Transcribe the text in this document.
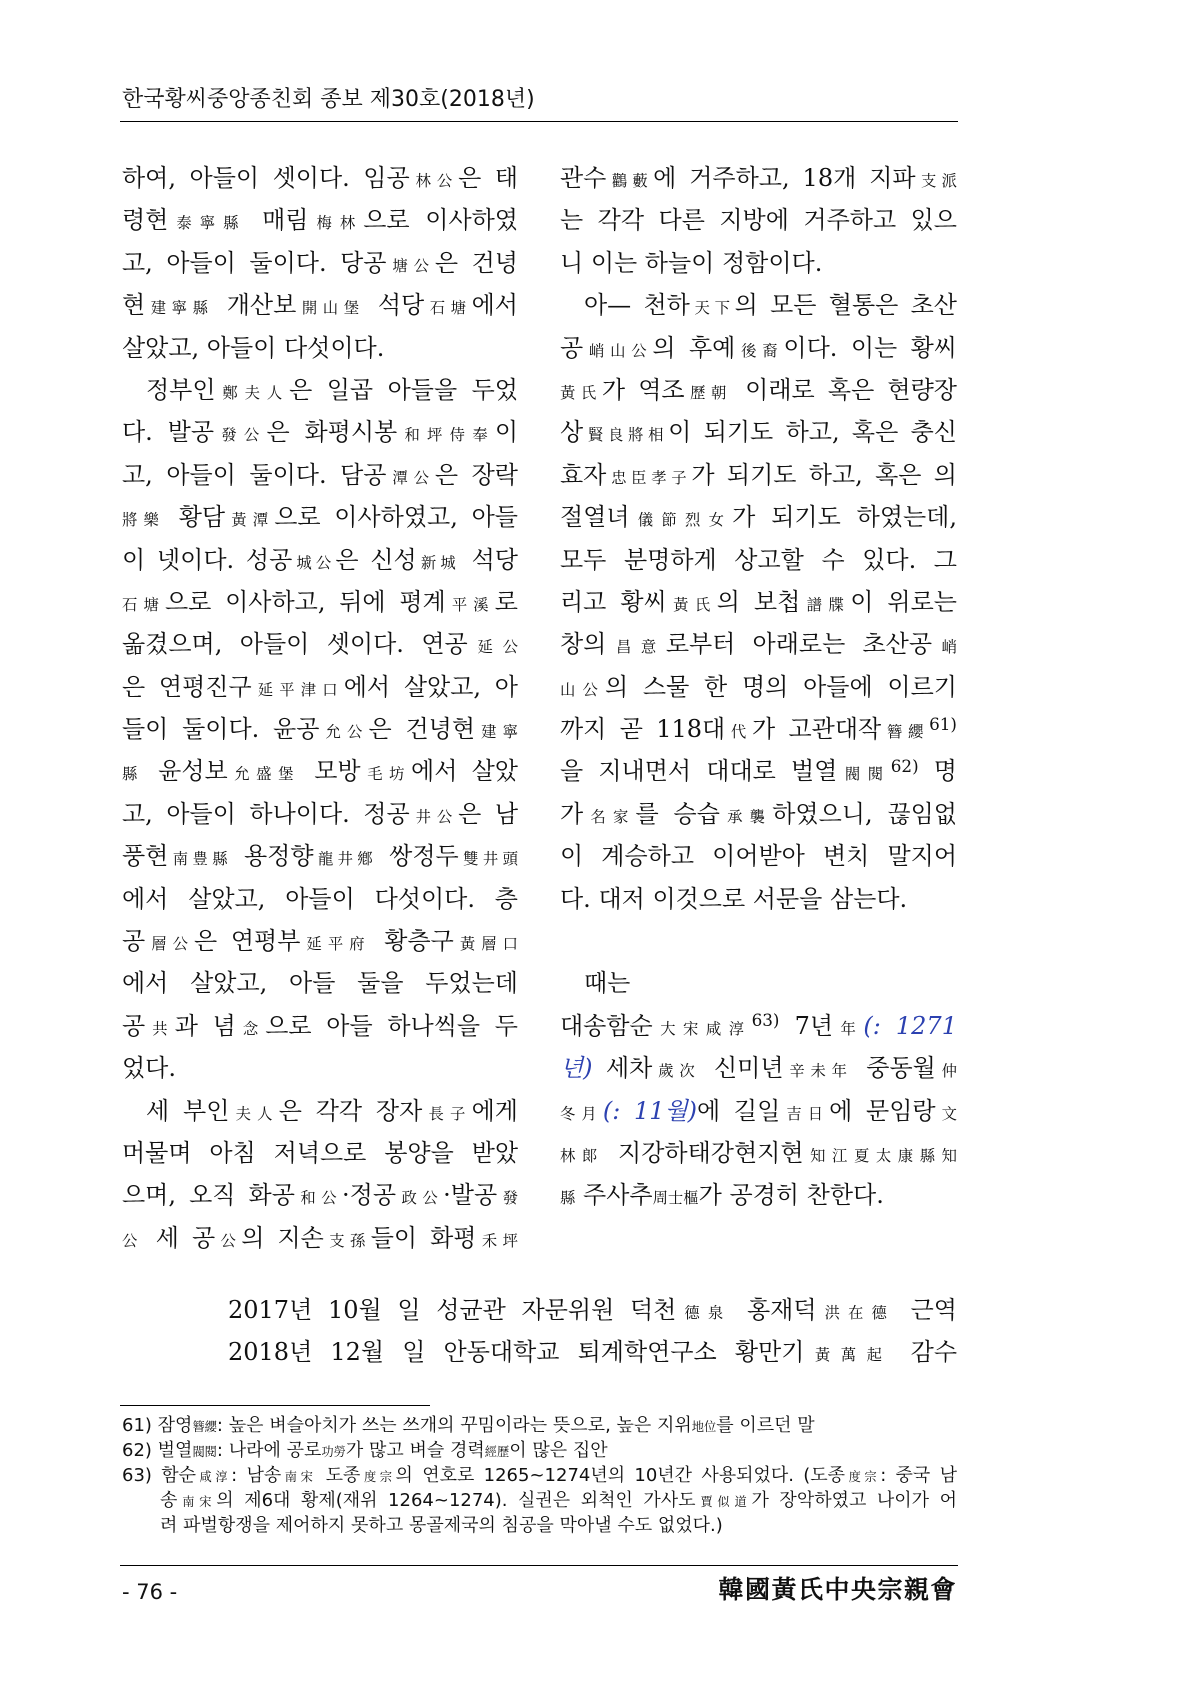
한국황씨중앙종친회 종보 제30호(2018년)
하여, 아들이 셋이다. 임공林公은 태
령현泰寧縣 매림梅林으로 이사하였
고, 아들이 둘이다. 당공塘公은 건녕
현建寧縣 개산보開山堡 석당石塘에서
살았고, 아들이 다섯이다.
정부인鄭夫人은 일곱 아들을 두었
다. 발공發公은 화평시봉和坪侍奉이
고, 아들이 둘이다. 담공潭公은 장락
將樂 황담黃潭으로 이사하였고, 아들
이 넷이다. 성공城公은 신성新城 석당
石塘으로 이사하고, 뒤에 평계平溪로
옮겼으며, 아들이 셋이다. 연공延公
은 연평진구延平津口에서 살았고, 아
들이 둘이다. 윤공允公은 건녕현建寧
縣 윤성보允盛堡 모방毛坊에서 살았
고, 아들이 하나이다. 정공井公은 남
풍현南豊縣 용정향龍井鄕 쌍정두雙井頭
에서 살았고, 아들이 다섯이다. 층
공層公은 연평부延平府 황층구黃層口
에서 살았고, 아들 둘을 두었는데
공共과 념念으로 아들 하나씩을 두
었다.
세 부인夫人은 각각 장자長子에게
머물며 아침 저녁으로 봉양을 받았
으며, 오직 화공和公·정공政公·발공發
公 세 공公의 지손支孫들이 화평禾坪
관수鸛藪에 거주하고, 18개 지파支派
는 각각 다른 지방에 거주하고 있으
니 이는 하늘이 정함이다.
아— 천하天下의 모든 혈통은 초산
공峭山公의 후예後裔이다. 이는 황씨
黃氏가 역조歷朝 이래로 혹은 현량장
상賢良將相이 되기도 하고, 혹은 충신
효자忠臣孝子가 되기도 하고, 혹은 의
절열녀儀節烈女가 되기도 하였는데,
모두 분명하게 상고할 수 있다. 그
리고 황씨黃氏의 보첩譜牒이 위로는
창의昌意로부터 아래로는 초산공峭
山公의 스물 한 명의 아들에 이르기
까지 곧 118대代가 고관대작簪纓$^{61)}$
을 지내면서 대대로 벌열閥閱$^{62)}$ 명
가名家를 승습承襲하였으니, 끊임없
이 계승하고 이어받아 변치 말지어
다. 대저 이것으로 서문을 삼는다.
때는
대송함순大宋咸淳$^{63)}$ 7년年(: 1271
년) 세차歲次 신미년辛未年 중동월仲
冬月(: 11월)에 길일吉日에 문임랑文
林郞 지강하태강현지현知江夏太康縣知
縣 주사추周士樞가 공경히 찬한다.
2017년 10월 일 성균관 자문위원 덕천德泉 홍재덕洪在德 근역
2018년 12월 일 안동대학교 퇴계학연구소 황만기黃萬起 감수
61) 잠영簪纓: 높은 벼슬아치가 쓰는 쓰개의 꾸밈이라는 뜻으로, 높은 지위地位를 이르던 말
62) 벌열閥閱: 나라에 공로功勞가 많고 벼슬 경력經歷이 많은 집안
63) 함순咸淳: 남송南宋 도종度宗의 연호로 1265~1274년의 10년간 사용되었다. (도종度宗: 중국 남
송南宋의 제6대 황제(재위 1264~1274). 실권은 외척인 가사도賈似道가 장악하였고 나이가 어
려 파벌항쟁을 제어하지 못하고 몽골제국의 침공을 막아낼 수도 없었다.)
- 76 -	韓國黃氏中央宗親會
